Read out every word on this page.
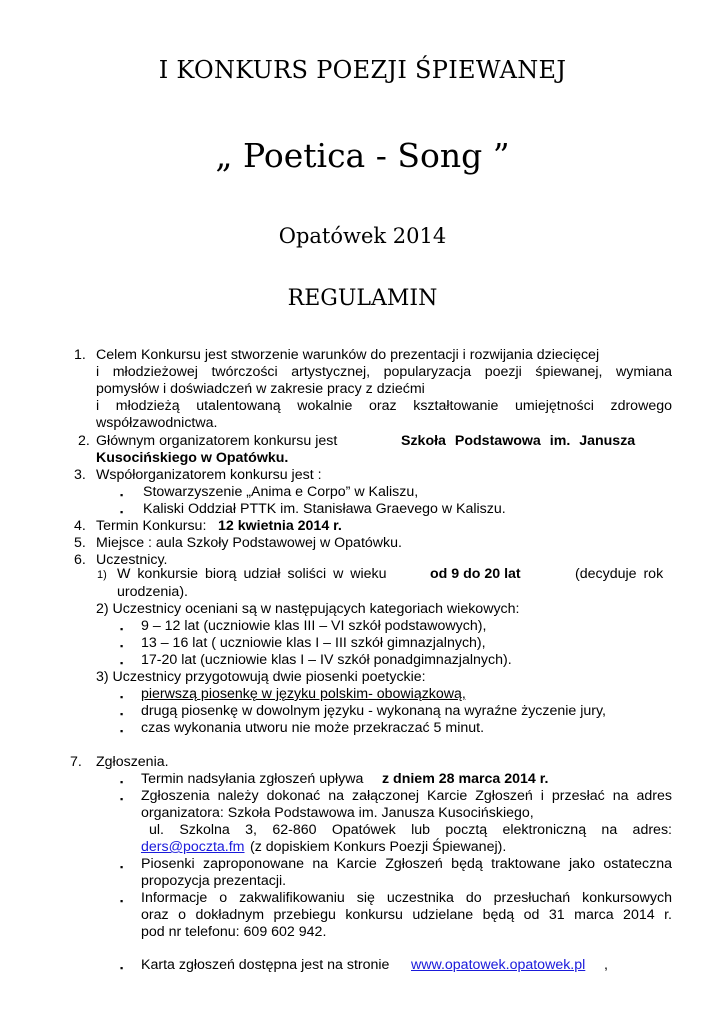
I KONKURS POEZJI ŚPIEWANEJ
„ Poetica - Song ”
Opatówek 2014
REGULAMIN
1. Celem Konkursu jest stworzenie warunków do prezentacji i rozwijania dziecięcej
i młodzieżowej twórczości artystycznej, popularyzacja poezji śpiewanej, wymiana
pomysłów i doświadczeń w zakresie pracy z dziećmi
i młodzieżą utalentowaną wokalnie oraz kształtowanie umiejętności zdrowego
współzawodnictwa.
2. Głównym organizatorem konkursu jest	Szkoła Podstawowa im. Janusza
Kusocińskiego w Opatówku.
3. Współorganizatorem konkursu jest :
▪ Stowarzyszenie „Anima e Corpo” w Kaliszu,
▪ Kaliski Oddział PTTK im. Stanisława Graevego w Kaliszu.
4. Termin Konkursu: 12 kwietnia 2014 r.
5. Miejsce : aula Szkoły Podstawowej w Opatówku.
6. Uczestnicy.
1) W konkursie biorą udział soliści w wieku	od 9 do 20 lat	(decyduje rok
urodzenia).
2) Uczestnicy oceniani są w następujących kategoriach wiekowych:
▪ 9 – 12 lat (uczniowie klas III – VI szkół podstawowych),
▪ 13 – 16 lat ( uczniowie klas I – III szkół gimnazjalnych),
▪ 17-20 lat (uczniowie klas I – IV szkół ponadgimnazjalnych).
3) Uczestnicy przygotowują dwie piosenki poetyckie:
▪ pierwszą piosenkę w języku polskim- obowiązkową,
▪ drugą piosenkę w dowolnym języku - wykonaną na wyraźne życzenie jury,
▪ czas wykonania utworu nie może przekraczać 5 minut.
7. Zgłoszenia.
▪ Termin nadsyłania zgłoszeń upływa z dniem 28 marca 2014 r.
▪ Zgłoszenia należy dokonać na załączonej Karcie Zgłoszeń i przesłać na adres
organizatora: Szkoła Podstawowa im. Janusza Kusocińskiego,
ul. Szkolna 3, 62-860 Opatówek lub pocztą elektroniczną na adres:
ders@poczta.fm (z dopiskiem Konkurs Poezji Śpiewanej).
▪ Piosenki zaproponowane na Karcie Zgłoszeń będą traktowane jako ostateczna
propozycja prezentacji.
▪ Informacje o zakwalifikowaniu się uczestnika do przesłuchań konkursowych
oraz o dokładnym przebiegu konkursu udzielane będą od 31 marca 2014 r.
pod nr telefonu: 609 602 942.
▪ Karta zgłoszeń dostępna jest na stronie www.opatowek.opatowek.pl ,
